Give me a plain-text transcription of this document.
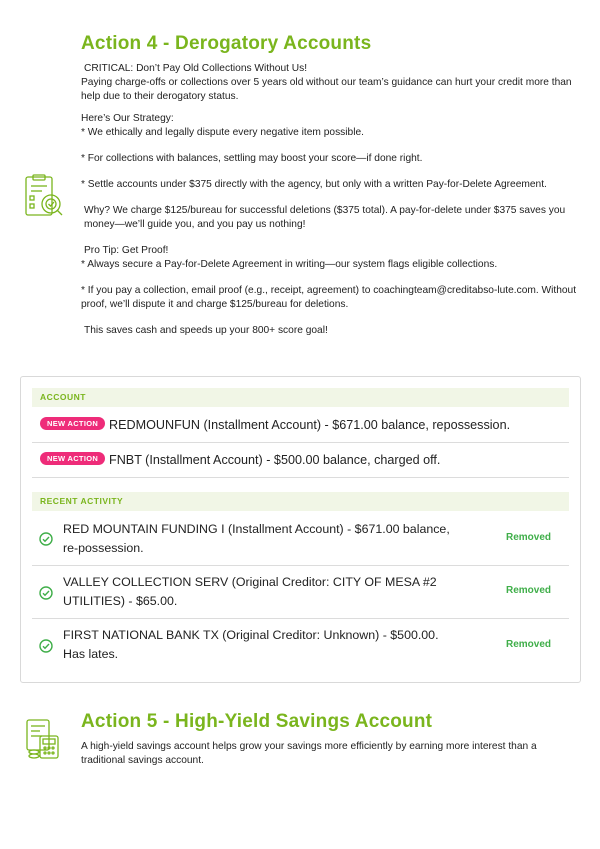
Action 4 - Derogatory Accounts

CRITICAL: Don’t Pay Old Collections Without Us!

Paying charge-offs or collections over 5 years old without our team’s guidance can hurt your credit more than help due to their derogatory status.

Here’s Our Strategy:

* We ethically and legally dispute every negative item possible.

* For collections with balances, settling may boost your score—if done right.

* Settle accounts under $375 directly with the agency, but only with a written Pay-for-Delete Agreement.

Why? We charge $125/bureau for successful deletions ($375 total). A pay-for-delete under $375 saves you money—we’ll guide you, and you pay us nothing!

Pro Tip: Get Proof!

* Always secure a Pay-for-Delete Agreement in writing—our system flags eligible collections.

* If you pay a collection, email proof (e.g., receipt, agreement) to coachingteam@creditabso-lute.com. Without proof, we’ll dispute it and charge $125/bureau for deletions.

This saves cash and speeds up your 800+ score goal!

ACCOUNT
NEW ACTION REDMOUNFUN (Installment Account) - $671.00 balance, repossession.
NEW ACTION FNBT (Installment Account) - $500.00 balance, charged off.
RECENT ACTIVITY
RED MOUNTAIN FUNDING I (Installment Account) - $671.00 balance, re-possession.
Removed
VALLEY COLLECTION SERV (Original Creditor: CITY OF MESA #2 UTILITIES) - $65.00.
Removed
FIRST NATIONAL BANK TX (Original Creditor: Unknown) - $500.00. Has lates.
Removed
Action 5 - High-Yield Savings Account

A high-yield savings account helps grow your savings more efficiently by earning more interest than a traditional savings account.
